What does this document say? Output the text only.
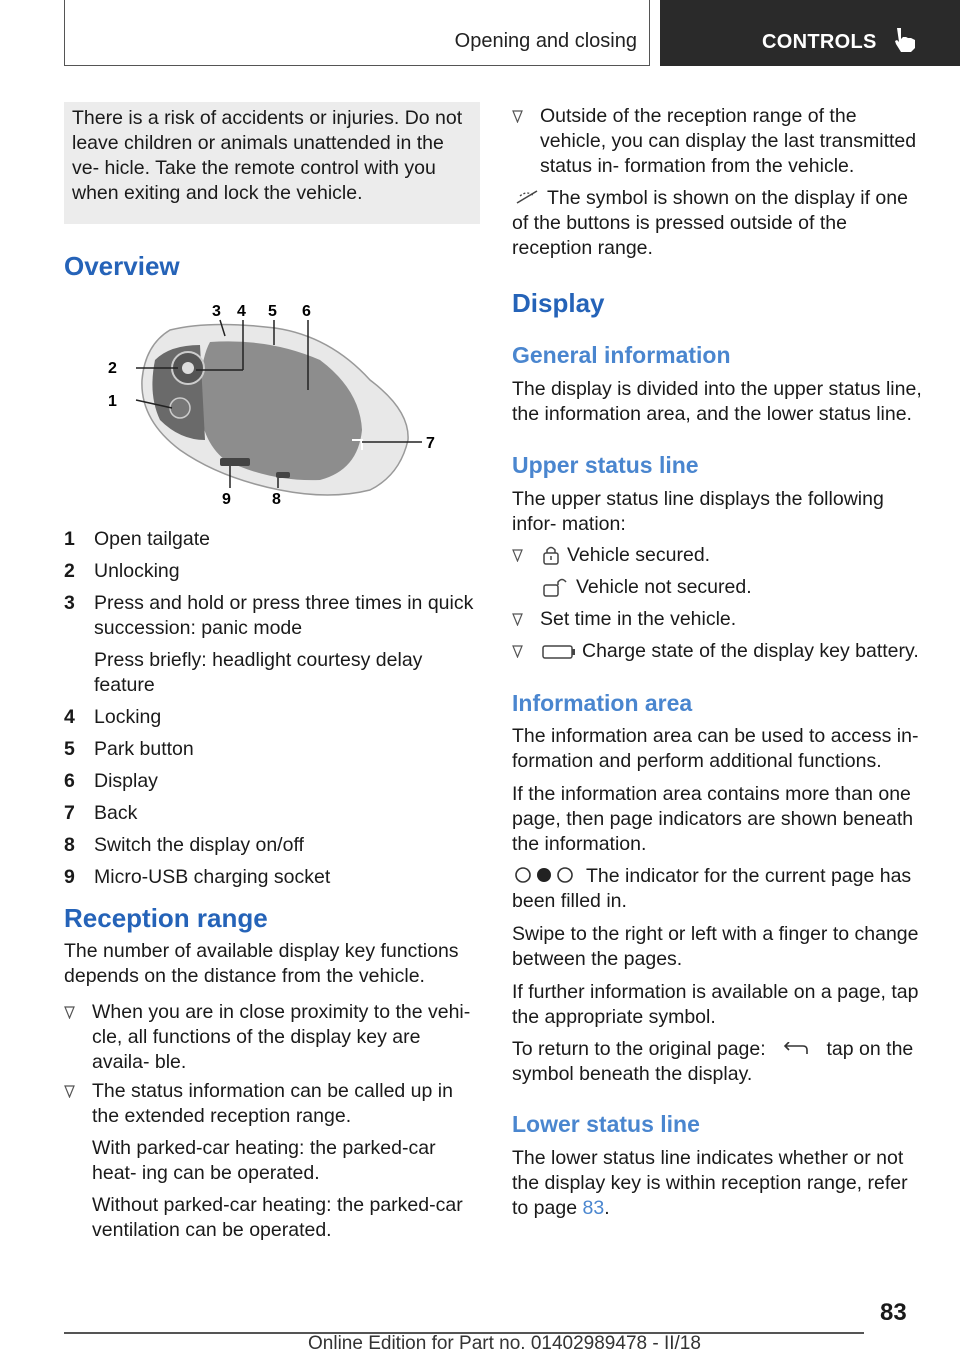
Opening and closing	CONTROLS
There is a risk of accidents or injuries. Do not leave children or animals unattended in the ve- hicle. Take the remote control with you when exiting and lock the vehicle.
Overview
1
2
3 4 5 6
7
8
9
1 Open tailgate
2 Unlocking
3 Press and hold or press three times in quick succession: panic mode
Press briefly: headlight courtesy delay feature
4 Locking
5 Park button
6 Display
7 Back
8 Switch the display on/off
9 Micro-USB charging socket
Reception range
The number of available display key functions depends on the distance from the vehicle.
When you are in close proximity to the vehi- cle, all functions of the display key are availa- ble.
The status information can be called up in the extended reception range.
With parked-car heating: the parked-car heat- ing can be operated.
Without parked-car heating: the parked-car ventilation can be operated.
Outside of the reception range of the vehicle, you can display the last transmitted status in- formation from the vehicle.
The symbol is shown on the display if one of the buttons is pressed outside of the reception range.
Display
General information
The display is divided into the upper status line, the information area, and the lower status line.
Upper status line
The upper status line displays the following infor- mation:
Vehicle secured.
Vehicle not secured.
Set time in the vehicle.
Charge state of the display key battery.
Information area
The information area can be used to access in- formation and perform additional functions.
If the information area contains more than one page, then page indicators are shown beneath the information.
The indicator for the current page has been filled in.
Swipe to the right or left with a finger to change between the pages.
If further information is available on a page, tap the appropriate symbol.
To return to the original page:	tap on the symbol beneath the display.
Lower status line
The lower status line indicates whether or not the display key is within reception range, refer to page 83.
83
Online Edition for Part no. 01402989478 - II/18
